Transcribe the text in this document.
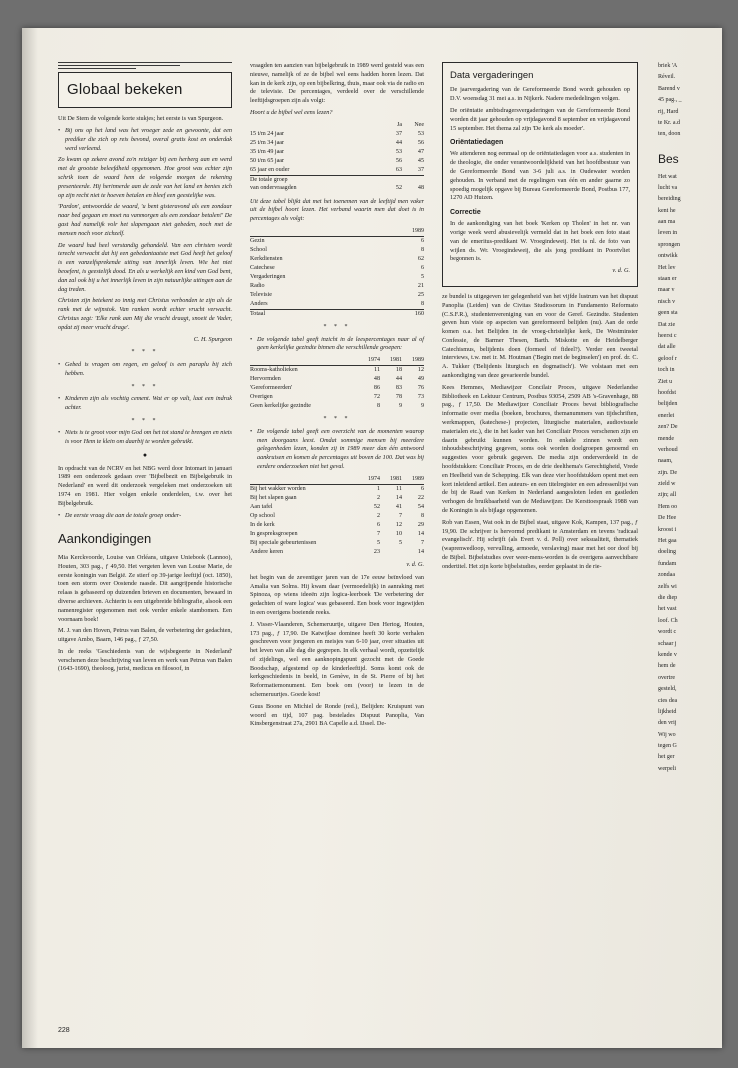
Globaal bekeken

Uit De Stem de volgende korte stukjes; het eerste is van Spurgeon.

• Bij ons op het land was het vroeger zede en gewoonte, dat een prediker die zich op reis bevond, overal gratis kost en onderdak werd verleend.

Zo kwam op zekere avond zo'n reiziger bij een herberg aan en werd met de grootste beleefdheid opgenomen. Hoe groot was echter zijn schrik toen de waard hem de volgende morgen de rekening presenteerde. Hij herinnerde aan de zede van het land en benies zich op zijn recht niet te hoeven betalen en bleef een geestelijke was.

'Pardon', antwoordde de waard, 'u bent gisteravond als een zondaar naar bed gegaan en moet nu vanmorgen als een zondaar betalen!' De gast had namelijk volr het slapengaan niet gebeden, noch met de mensen noch voor zichzelf.

De waard had heel verstandig gehandeld. Van een christen wordt terecht verwacht dat hij een gebedantaatste met God heeft het geloof is een vanzelfsprekende uiting van innerlijk leven. Wie het niet beoefent, is geestelijk dood. En als u werkelijk een kind van God bent, dan zal ook bij u het innerlijk leven in zijn natuurlijke uitingen aan de dag treden.

Christen zijn betekent zo innig met Christus verbonden te zijn als de rank met de wijnstok. Van ranken wordt echter vrucht verwacht. Christus zegt: 'Elke rank aan Mij die vrucht draagt, snoeit de Vader, opdat zij meer vrucht drage'.

C. H. Spurgeon

* * *

• Gebed is vragen om regen, en geloof is een paraplu bij zich hebben.

* * *

• Kinderen zijn als vochtig cement. Wat er op valt, laat een indruk achter.

* * *

• Niets is te groot voor mijn God om het tot stand te brengen en niets is voor Hem te klein om daarbij te worden gebruikt.

●

In opdracht van de NCRV en het NBG werd door Intomart in januari 1989 een onderzoek gedaan over 'Bijbelbezit en Bijbelgebruik in Nederland' en werd dit onderzoek vergeleken met onderzoeken uit 1974 en 1981. Hier volgen enkele onderdelen, t.w. over het Bijbelgebruik.

• De eerste vraag die aan de totale groep onder-

Aankondigingen

Mia Kerckvoorde, Louise van Orléans, uitgave Uniebook (Lannoo), Houten, 303 pag., ƒ 49,50. Het vergeten leven van Louise Marie, de eerste koningin van België. Ze stierf op 39-jarige leeftijd (oct. 1850), toen een storm over Oostende raasde. Dit aangrijpende historische relaas is gebaseerd op duizenden brieven en documenten, bewaard in diverse archieven. Achterin is een uitgebreide bibliografie, alsook een namenregister opgenomen met ook verder enkele stambomen. Een voornaam boek!

M. J. van den Hoven, Petrus van Balen, de verbetering der gedachten, uitgave Ambo, Baarn, 146 pag., ƒ 27,50.

In de reeks 'Geschiedenis van de wijsbegeerte in Nederland' verschenen deze beschrijving van leven en werk van Petrus van Balen (1643-1690), theoloog, jurist, medicus en filosoof, in

vraagden ten aanzien van bijbelgebruik in 1989 werd gesteld was een nieuwe, namelijk of ze de bijbel wel eens hadden horen lezen. Dat kan in de kerk zijn, op een bijbelkring, thuis, maar ook via de radio en de televisie. De percentages, verdeeld over de verschillende leeftijdsgroepen zijn als volgt:

Hoort u de bijbel wel eens lezen?

	Ja	Nee
15 t/m 24 jaar	37	53
25 t/m 34 jaar	44	56
35 t/m 49 jaar	53	47
50 t/m 65 jaar	56	45
65 jaar en ouder	63	37
De totale groep
van ondervraagden	52	48

Uit deze tabel blijkt dat met het toenemen van de leeftijd men vaker uit de bijbel hoort lezen. Het verband waarin men dat doet is in percentages als volgt:

	1989
Gezin	6
School	8
Kerkdiensten	62
Catechese	6
Vergaderingen	5
Radio	21
Televisie	25
Anders	8
Totaal	160
* * *

• De volgende tabel geeft inzicht in de leespercentages naar al of geen kerkelijke gezindte binnen die verschillende groepen:

	1974	1981	1989
Rooms-katholieken	11	18	12
Hervormden	48	44	49
'Gereformeerden'	86	83	76
Overigen	72	78	73
Geen kerkelijke gezindte	8	9	9
* * *

• De volgende tabel geeft een overzicht van de momenten waarop men doorgaans leest. Omdat sommige mensen bij meerdere gelegenheden lezen, konden zij in 1989 meer dan één antwoord aankruisen en komen de percentages uit boven de 100. Dat was bij eerdere onderzoeken niet het geval.

	1974	1981	1989
Bij het wakker worden	1	11	6
Bij het slapen gaan	2	14	22
Aan tafel	52	41	54
Op school	2	7	8
In de kerk	6	12	29
In gespreksgroepen	7	10	14
Bij speciale gebeurtenissen	5	5	7
Andere keren	23		14

v. d. G.

het begin van de zeventiger jaren van de 17e eeuw beïnvloed van Amalia van Solms. Hij kwam daar (vermoedelijk) in aanraking met Spinoza, op wiens ideeën zijn logica-leerboek 'De verbetering der gedachten of ware logica' was gebaseerd. Een boek voor ingewijden in een overigens boeiende reeks.

J. Visser-Vlaanderen, Schemeruurtje, uitgave Den Hertog, Houten, 173 pag., ƒ 17,90. De Katwijkse dominee heeft 30 korte verhalen geschreven voor jongeren en meisjes van 6-10 jaar, over situaties uit het leven van alle dag die gegrepen. In elk verhaal wordt, opzettelijk of zijdelings, wel een aanknopingspunt gezocht met de Goede Boodschap, afgestemd op de kinderleeftijd. Soms komt ook de kerkgeschiedenis in beeld, in Genève, in de St. Pierre of bij het Reformatiemonument. Een boek om (voor) te lezen in de schemeruurtjes. Goede kost!

Guus Boone en Michiel de Ronde (red.), Belijden: Kruispunt van woord en tijd, 107 pag. bestelades Dispuut Panoplia, Van Kinsbergenstraat 27a, 2901 BA Capelle a.d. IJssel. De-

Data vergaderingen

De jaarvergadering van de Gereformeerde Bond wordt gehouden op D.V. woensdag 31 mei a.s. in Nijkerk. Nadere mededelingen volgen.

De oriëntatie ambtsdragersvergaderingen van de Gereformeerde Bond worden dit jaar gehouden op vrijdagavond 8 september en vrijdagavond 15 september. Het thema zal zijn 'De kerk als moeder'.

Oriëntatiedagen

We attenderen nog eenmaal op de oriëntatiedagen voor a.s. studenten in de theologie, die onder verantwoordelijkheid van het hoofdbestuur van de Gereformeerde Bond van 3-6 juli a.s. in Oudewater worden gehouden. In verband met de regelingen van één en ander gaarne zo spoedig mogelijk opgave bij Bureau Gereformeerde Bond, Postbus 177, 1270 AD Huizen.

Correctie

In de aankondiging van het boek 'Kerken op Tholen' in het nr. van vorige week werd abusievelijk vermeld dat in het boek een foto staat van de emeritus-predikant W. Vroegindeweij. Het is nl. de foto van wijlen ds. Wr. Vroegindeweij, die als jong predikant in Poortvliet begonnen is.

v. d. G.

ze bundel is uitgegeven ter gelegenheid van het vijfde lustrum van het dispuut Panoplia (Leiden) van de Civitas Studiosorum in Fundamento Reformato (C.S.F.R.), studentenvereniging van en voor de Geref. Gezindte. Studenten geven hun visie op aspecten van gereformeerd belijden (nu). Aan de orde komen o.a. het Belijden in de vroeg-christelijke kerk, De Westminster Confessie, de Barmer Thesen, Barth. Miskotte en de Heidelberger Catechismus, belijdenis doen (formeel of fideel?). Verder een tweetal interviews, t.w. met ir. M. Houtman ('Begin met de beginselen') en prof. dr. C. A. Tukker ('Belijdenis liturgisch en dogmatisch'). We volstaan met een aankondiging van deze gevarieerde bundel.

Kees Hemmes, Mediawijzer Concilair Proces, uitgave Nederlandse Bibliotheek en Lektuur Centrum, Postbus 93054, 2509 AB 's-Gravenhage, 88 pag., ƒ 17,50. De Mediawijzer Conciliair Proces bevat bibliografische informatie over media (boeken, brochures, themanummers van tijdschriften, werkmappen, (katechese-) projecten, liturgische materialen, audiovisuele materialen etc.), die in het kader van het Conciliair Proces verschenen zijn en daarin gebruikt kunnen worden. In enkele zinnen wordt een inhoudsbeschrijving gegeven, soms ook worden doelgroepen genoemd en suggesties voor gebruik gegeven. De media zijn onderverdeeld in de hoofdstukken: Conciliair Proces, en de drie deelthema's Gerechtigheid, Vrede en Heelheid van de Schepping. Elk van deze vier hoofdstukken opent met een kort inleidend artikel. Een auteurs- en een titelregister en een adressenlijst van de bij de Raad van Kerken in Nederland aangesloten leden en gastleden verhogen de bruikbaarheid van de Mediawijzer. De Kersttoespraak 1988 van de Koningin is als bijlage opgenomen.

Rob van Essen, Wat ook in de Bijbel staat, uitgave Kok, Kampen, 137 pag., ƒ 19,90. De schrijver is hervormd predikant te Amsterdam en tevens 'radicaal evangelisch'. Hij schrijft (als Evert v. d. Poll) over seksualiteit, thematiek (waprenwedloop, vervulling, armoede, verslaving) maar met het oor doof bij de Bijbel. Bijbelstudies over weer-mens-worden is de overigens aanvechtbare ondertitel. Het zijn korte bijbelstudies, eerder geplaatst in de rie-

briek 'A

Réveil.

Barend v

45 pag., _

rij, Hard

te Kr. a.d

ten, doon

Bes

Het wat

lucht va

bereiding

kent he

aan ma

leven in

sprongen

ontwikk

Het lev

staan er

maar v

nisch v

geen sta

Dat zie

heerst c

dat alle

geloof r

toch in

Ziet u

hoofdst

belijden

enerlei

zen? De

mende

verhoud

naam,

zijn. De

zield w

zijn; all

Hem oo

De Hee

kroost i

Het gaa

doeling

fundam

zondaa

zelfs wi

die diep

het vast

loof. Ch

wordt c

schaar j

kende v

hem de

overtre

gesteld,

cies dea

lijkheid

den vrij

Wij wo

tegen G

het ger

werpeli

228
